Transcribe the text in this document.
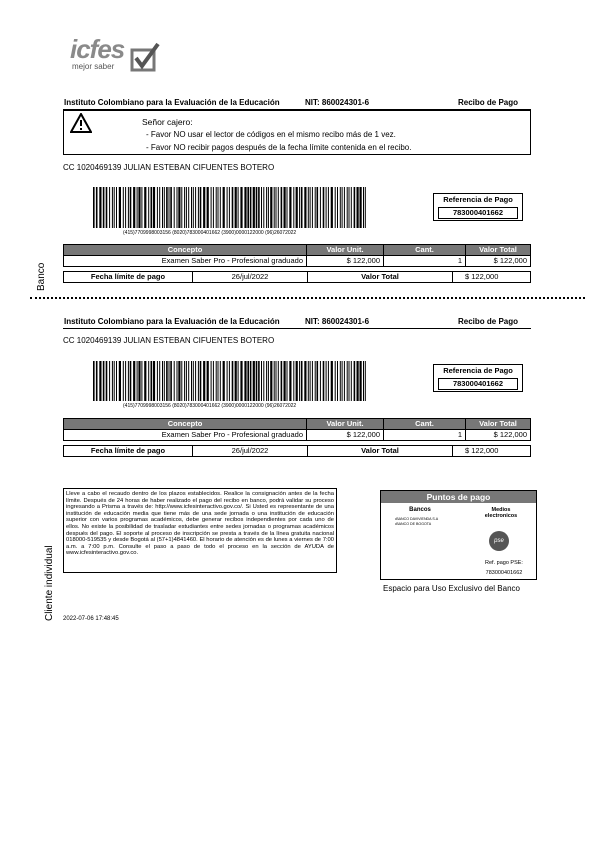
icfes
mejor saber
Instituto Colombiano para la Evaluación de la Educación	NIT: 860024301-6	Recibo de Pago
Señor cajero:
- Favor NO usar el lector de códigos en el mismo recibo más de 1 vez.
- Favor NO recibir pagos después de la fecha límite contenida en el recibo.
CC 1020469139 JULIAN ESTEBAN CIFUENTES BOTERO
(415)7709998003156 (8020)783000401662 (3900)0000122000 (96)26072022
Referencia de Pago
783000401662
Concepto	Valor Unit.	Cant.	Valor Total
Examen Saber Pro - Profesional graduado	$ 122,000	1	$ 122,000
Fecha límite de pago	26/jul/2022	Valor Total	$ 122,000
Banco
Instituto Colombiano para la Evaluación de la Educación	NIT: 860024301-6	Recibo de Pago
CC 1020469139 JULIAN ESTEBAN CIFUENTES BOTERO
(415)7709998003156 (8020)783000401662 (3900)0000122000 (96)26072022
Referencia de Pago
783000401662
Concepto	Valor Unit.	Cant.	Valor Total
Examen Saber Pro - Profesional graduado	$ 122,000	1	$ 122,000
Fecha límite de pago	26/jul/2022	Valor Total	$ 122,000
Lleve a cabo el recaudo dentro de los plazos establecidos. Realice la consignación antes de la fecha límite. Después de 24 horas de haber realizado el pago del recibo en banco, podrá validar su proceso ingresando a Prisma a través de: http://www.icfesinteractivo.gov.co/. Si Usted es representante de una institución de educación media que tiene más de una sede jornada o una institución de educación superior con varios programas académicos, debe generar recibos independientes por cada uno de ellos. No existe la posibilidad de trasladar estudiantes entre sedes jornadas o programas académicos después del pago. El soporte al proceso de inscripción se presta a través de la línea gratuita nacional 018000-519535 y desde Bogotá al (57+1)4841460. El horario de atención es de lunes a viernes de 7:00 a.m. a 7:00 p.m. Consulte el paso a paso de todo el proceso en la sección de AYUDA de www.icfesinteractivo.gov.co.
Puntos de pago
Bancos
•BANCO DAVIVIENDA S.A
•BANCO DE BOGOTA
Medios electronicos
pse
Ref. pago PSE:
783000401662
Espacio para Uso Exclusivo del Banco
Cliente individual 2022-07-06 17:48:45
